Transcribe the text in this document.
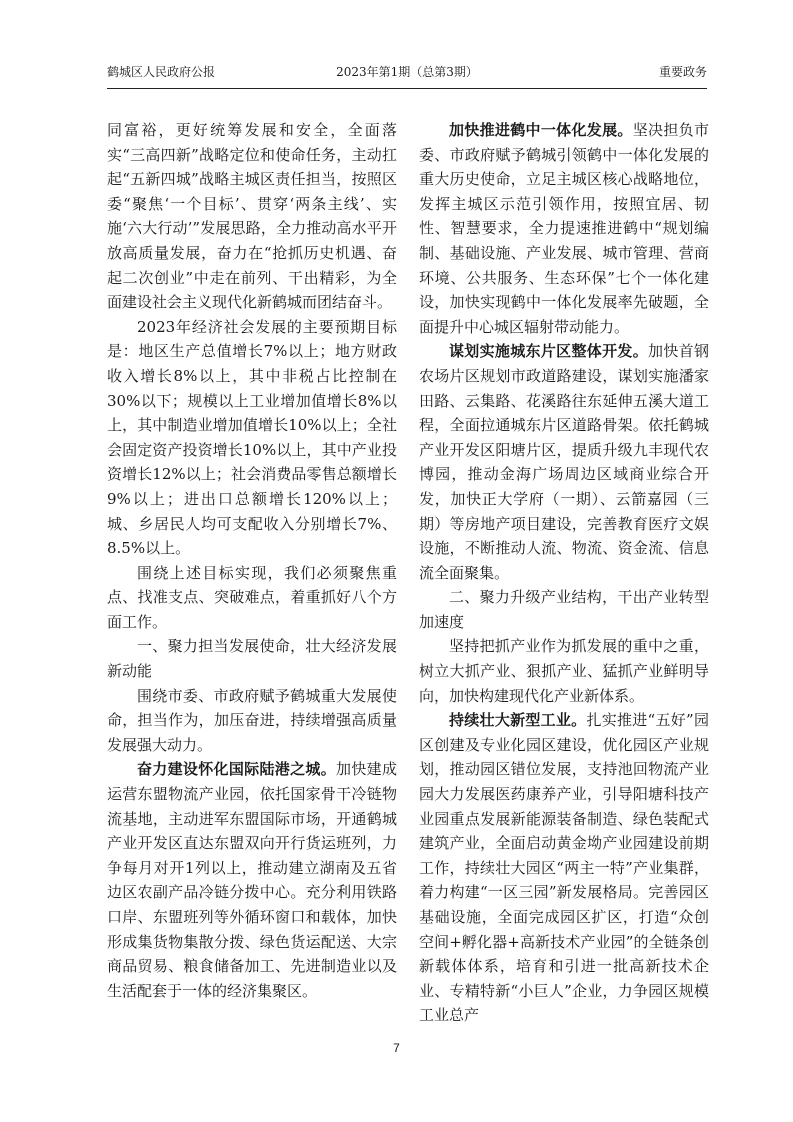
2023年第1期（总第3期）
鹤城区人民政府公报	重要政务

同富裕，更好统筹发展和安全，全面落实“三高四新”战略定位和使命任务，主动扛起“五新四城”战略主城区责任担当，按照区委“聚焦‘一个目标’、贯穿‘两条主线’、实施‘六大行动’”发展思路，全力推动高水平开放高质量发展，奋力在“抢抓历史机遇、奋起二次创业”中走在前列、干出精彩，为全面建设社会主义现代化新鹤城而团结奋斗。

2023年经济社会发展的主要预期目标是：地区生产总值增长7%以上；地方财政收入增长8%以上，其中非税占比控制在30%以下；规模以上工业增加值增长8%以上，其中制造业增加值增长10%以上；全社会固定资产投资增长10%以上，其中产业投资增长12%以上；社会消费品零售总额增长9%以上；进出口总额增长120%以上；城、乡居民人均可支配收入分别增长7%、8.5%以上。

围绕上述目标实现，我们必须聚焦重点、找准支点、突破难点，着重抓好八个方面工作。

一、聚力担当发展使命，壮大经济发展新动能

围绕市委、市政府赋予鹤城重大发展使命，担当作为，加压奋进，持续增强高质量发展强大动力。

奋力建设怀化国际陆港之城。加快建成运营东盟物流产业园，依托国家骨干冷链物流基地，主动进军东盟国际市场，开通鹤城产业开发区直达东盟双向开行货运班列，力争每月对开1列以上，推动建立湖南及五省边区农副产品冷链分拨中心。充分利用铁路口岸、东盟班列等外循环窗口和载体，加快形成集货物集散分拨、绿色货运配送、大宗商品贸易、粮食储备加工、先进制造业以及生活配套于一体的经济集聚区。

加快推进鹤中一体化发展。坚决担负市委、市政府赋予鹤城引领鹤中一体化发展的重大历史使命，立足主城区核心战略地位，发挥主城区示范引领作用，按照宜居、韧性、智慧要求，全力提速推进鹤中“规划编制、基础设施、产业发展、城市管理、营商环境、公共服务、生态环保”七个一体化建设，加快实现鹤中一体化发展率先破题，全面提升中心城区辐射带动能力。

谋划实施城东片区整体开发。加快首钢农场片区规划市政道路建设，谋划实施潘家田路、云集路、花溪路往东延伸五溪大道工程，全面拉通城东片区道路骨架。依托鹤城产业开发区阳塘片区，提质升级九丰现代农博园，推动金海广场周边区域商业综合开发，加快正大学府（一期）、云箭嘉园（三期）等房地产项目建设，完善教育医疗文娱设施，不断推动人流、物流、资金流、信息流全面聚集。

二、聚力升级产业结构，干出产业转型加速度

坚持把抓产业作为抓发展的重中之重，树立大抓产业、狠抓产业、猛抓产业鲜明导向，加快构建现代化产业新体系。

持续壮大新型工业。扎实推进“五好”园区创建及专业化园区建设，优化园区产业规划，推动园区错位发展，支持池回物流产业园大力发展医药康养产业，引导阳塘科技产业园重点发展新能源装备制造、绿色装配式建筑产业，全面启动黄金坳产业园建设前期工作，持续壮大园区“两主一特”产业集群，着力构建“一区三园”新发展格局。完善园区基础设施，全面完成园区扩区，打造“众创空间+孵化器+高新技术产业园”的全链条创新载体体系，培育和引进一批高新技术企业、专精特新“小巨人”企业，力争园区规模工业总产

7
